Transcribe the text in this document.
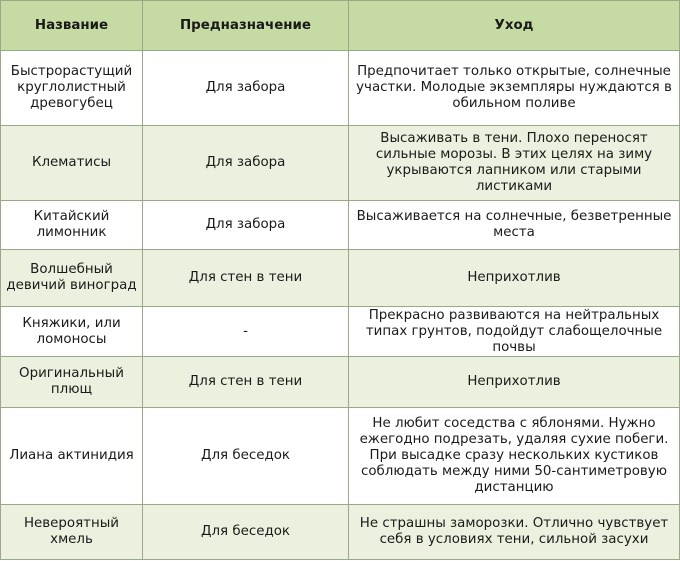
Название	Предназначение	Уход
Быстрорастущий круглолистный древогубец	Для забора	Предпочитает только открытые, солнечные участки. Молодые экземпляры нуждаются в обильном поливе
Клематисы	Для забора	Высаживать в тени. Плохо переносят сильные морозы. В этих целях на зиму укрываются лапником или старыми листиками
Китайский лимонник	Для забора	Высаживается на солнечные, безветренные места
Волшебный девичий виноград	Для стен в тени	Неприхотлив
Княжики, или ломоносы	-	Прекрасно развиваются на нейтральных типах грунтов, подойдут слабощелочные почвы
Оригинальный плющ	Для стен в тени	Неприхотлив
Лиана актинидия	Для беседок	Не любит соседства с яблонями. Нужно ежегодно подрезать, удаляя сухие побеги. При высадке сразу нескольких кустиков соблюдать между ними 50-сантиметровую дистанцию
Невероятный хмель	Для беседок	Не страшны заморозки. Отлично чувствует себя в условиях тени, сильной засухи
